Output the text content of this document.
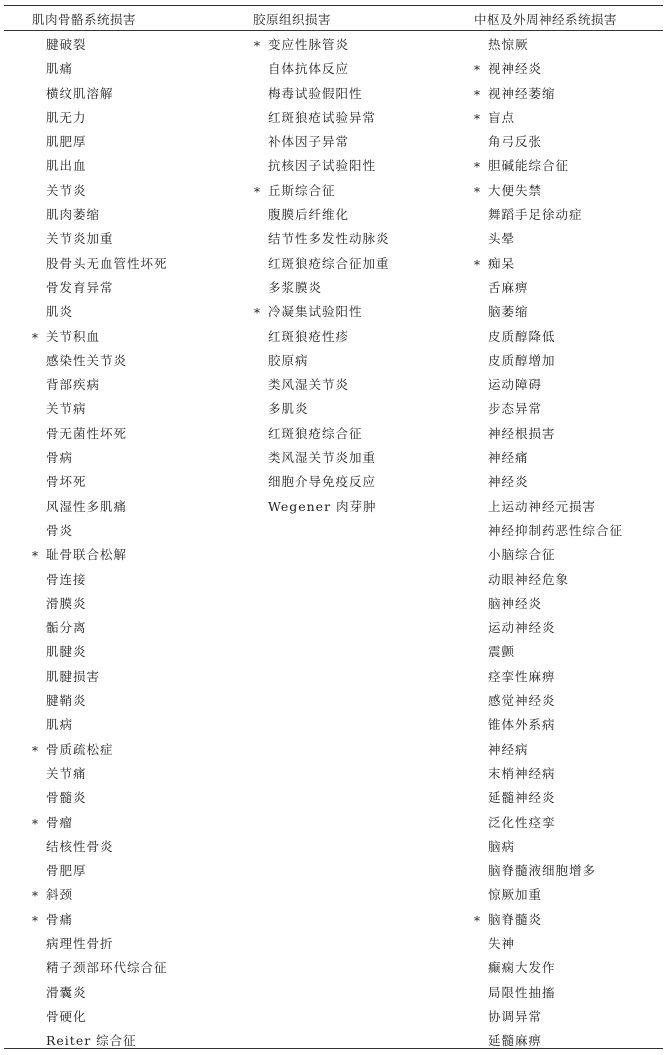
肌肉骨骼系统损害	胶原组织损害	中枢及外周神经系统损害
腱破裂
肌痛
横纹肌溶解
肌无力
肌肥厚
肌出血
关节炎
肌肉萎缩
关节炎加重
股骨头无血管性坏死
骨发育异常
肌炎
* 关节积血
感染性关节炎
背部疾病
关节病
骨无菌性坏死
骨病
骨坏死
风湿性多肌痛
骨炎
* 耻骨联合松解
骨连接
滑膜炎
骺分离
肌腱炎
肌腱损害
腱鞘炎
肌病
* 骨质疏松症
关节痛
骨髓炎
* 骨瘤
结核性骨炎
骨肥厚
* 斜颈
* 骨痛
病理性骨折
精子颈部环代综合征
滑囊炎
骨硬化
Reiter 综合征
* 变应性脉管炎
自体抗体反应
梅毒试验假阳性
红斑狼疮试验异常
补体因子异常
抗核因子试验阳性
* 丘斯综合征
腹膜后纤维化
结节性多发性动脉炎
红斑狼疮综合征加重
多浆膜炎
* 冷凝集试验阳性
红斑狼疮性疹
胶原病
类风湿关节炎
多肌炎
红斑狼疮综合征
类风湿关节炎加重
细胞介导免疫反应
Wegener 肉芽肿
热惊厥
* 视神经炎
* 视神经萎缩
* 盲点
角弓反张
* 胆碱能综合征
* 大便失禁
舞蹈手足徐动症
头晕
* 痴呆
舌麻痹
脑萎缩
皮质醇降低
皮质醇增加
运动障碍
步态异常
神经根损害
神经痛
神经炎
上运动神经元损害
神经抑制药恶性综合征
小脑综合征
动眼神经危象
脑神经炎
运动神经炎
震颤
痉挛性麻痹
感觉神经炎
锥体外系病
神经病
末梢神经病
延髓神经炎
泛化性痉挛
脑病
脑脊髓液细胞增多
惊厥加重
* 脑脊髓炎
失神
癫痫大发作
局限性抽搐
协调异常
延髓麻痹
